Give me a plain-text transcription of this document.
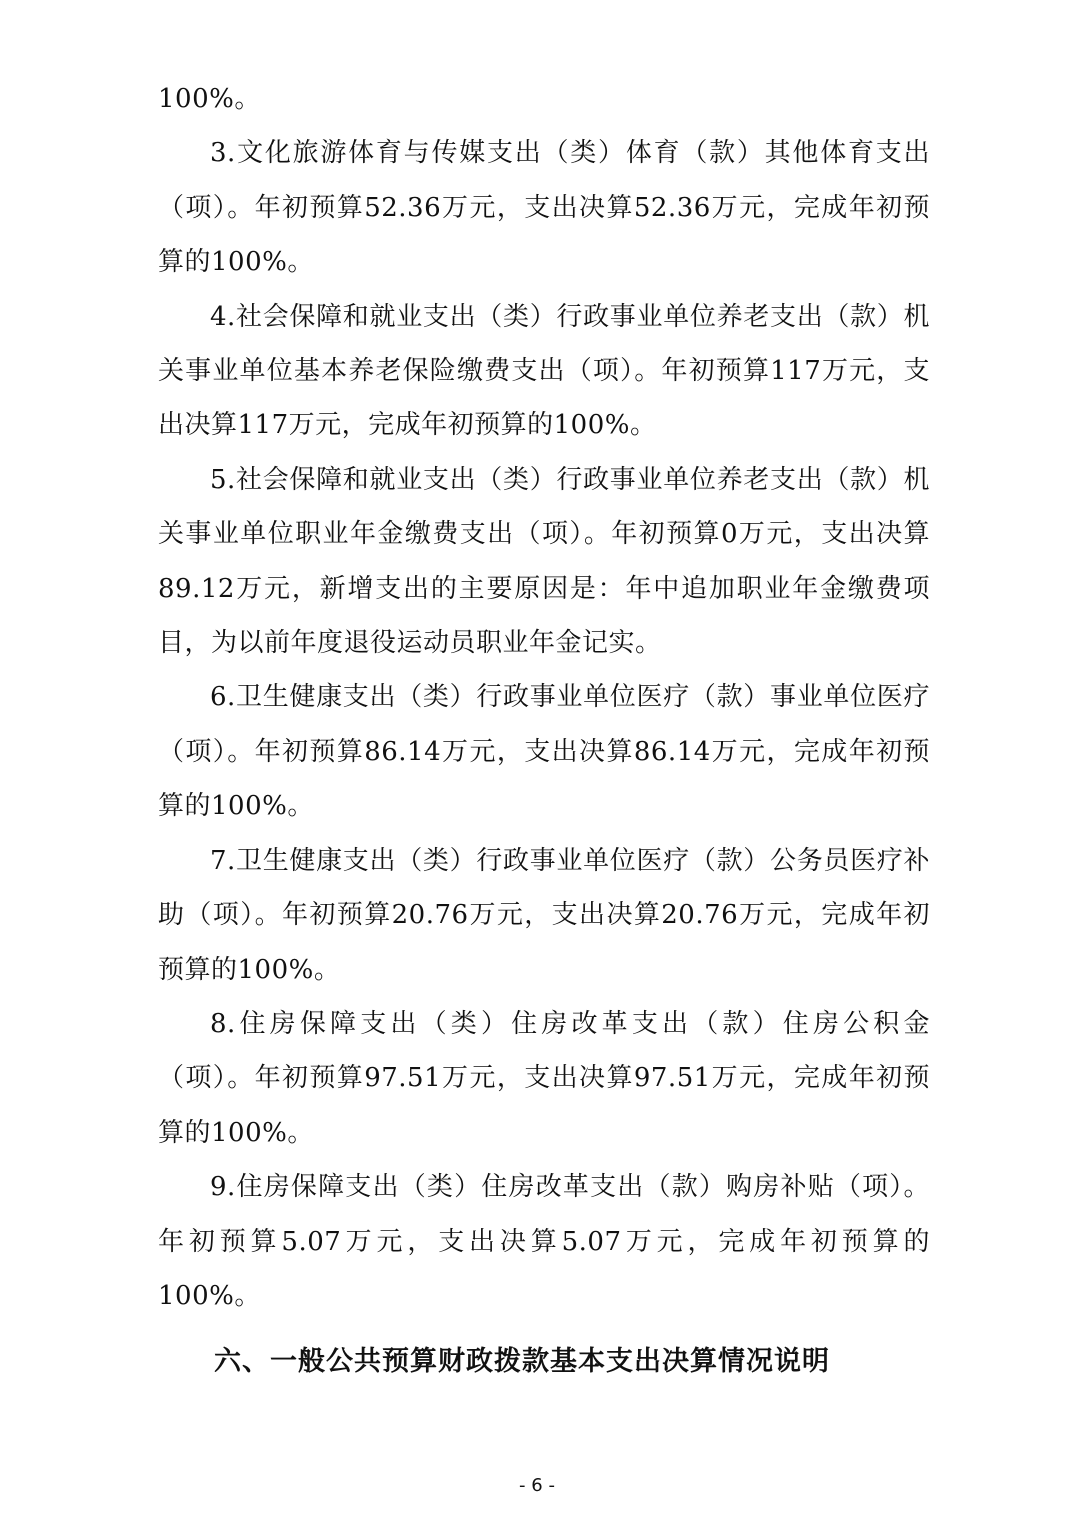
100%。

3.文化旅游体育与传媒支出（类）体育（款）其他体育支出（项）。年初预算52.36万元，支出决算52.36万元，完成年初预算的100%。

4.社会保障和就业支出（类）行政事业单位养老支出（款）机关事业单位基本养老保险缴费支出（项）。年初预算117万元，支出决算117万元，完成年初预算的100%。

5.社会保障和就业支出（类）行政事业单位养老支出（款）机关事业单位职业年金缴费支出（项）。年初预算0万元，支出决算89.12万元，新增支出的主要原因是：年中追加职业年金缴费项目，为以前年度退役运动员职业年金记实。

6.卫生健康支出（类）行政事业单位医疗（款）事业单位医疗（项）。年初预算86.14万元，支出决算86.14万元，完成年初预算的100%。

7.卫生健康支出（类）行政事业单位医疗（款）公务员医疗补助（项）。年初预算20.76万元，支出决算20.76万元，完成年初预算的100%。

8.住房保障支出（类）住房改革支出（款）住房公积金（项）。年初预算97.51万元，支出决算97.51万元，完成年初预算的100%。

9.住房保障支出（类）住房改革支出（款）购房补贴（项）。年初预算5.07万元，支出决算5.07万元，完成年初预算的100%。

六、一般公共预算财政拨款基本支出决算情况说明
- 6 -
